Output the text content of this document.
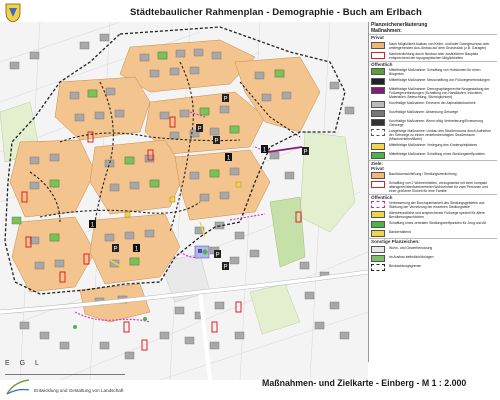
Städtebaulicher Rahmenplan - Demographie - Buch am Erlbach
1
1
1
1
P
P
P
P
P
P
P
Planzeichenerläuterung
Maßnahmen:
Privat
Nach Möglichkeit Ausbau von Keller- und/oder Dachgeschoss oder weitergehenden Aus-/Anbau auf dem Grundstück (z.B. Garagen)
Nachverdichtung durch Neubau oder zusätzlichen Bauplatz entsprechend der topographischen Möglichkeiten
Öffentlich
Mittelfristige Maßnahme: Schaffung von Hofräumen für einen Bürgertus
Mittelfristige Maßnahme: Neuschaffung von Fußwegeverbindungen
Mittelfristige Maßnahme: Demographiegerechte Neugestaltung der Fußwegeverbindungen (Schaffung von Handläufen, Infocliens Materialien, Beleuchtung, Sitzmöglichkeit)
Kurzfristige Maßnahme: Erneuern der Asphaltdeckschicht
Kurzfristige Maßnahme: Absenkung Gehwege
Kurzfristige Maßnahme: Wenn nötig Verbreiterung/Erneuerung Gehwege
Langfristige Maßnahme: Umbau des Straßenraums durch Aufheben der Gehwege zu einem verkehrsberuhigten Straßenraum (Mischverkehrsfläche)
Mittelfristige Maßnahme: Verlegung des Kinderspielplatzes
Mittelfristige Maßnahme: Schaffung eines Siedlungstreffpunktes
Ziele:
Privat
Baulückenschließung / Siedlungsverdichtung
Schaffung von 2 Wohneinheiten, vorzugsweise mit einer kompakt altersgerechten/barrierefreien Wohneinheit für zwei Personen und einer größeren Einheit für eine Familie
Öffentlich
Verbesserung der Durchquerbarkeit des Siedlungsgebietes und Stärkung der Vernetzung der einzelnen Siedlungsteile
Altersfreundliche und ansprechende Fußwege speziell für ältere Bevölkerungsschichten
Schaffung eines zentralen Siedlungstreffpunktes für Jung und Alt
Bankerhaltend
Sonstige Planzeichen:
Wohn- und Gewerbenutzung
im Ausbau befindlich/Anlagen
Beobachtungsgrenze
E G L
Entwicklung und Gestaltung von Landschaft
Maßnahmen- und Zielkarte - Einberg - M 1 : 2.000
